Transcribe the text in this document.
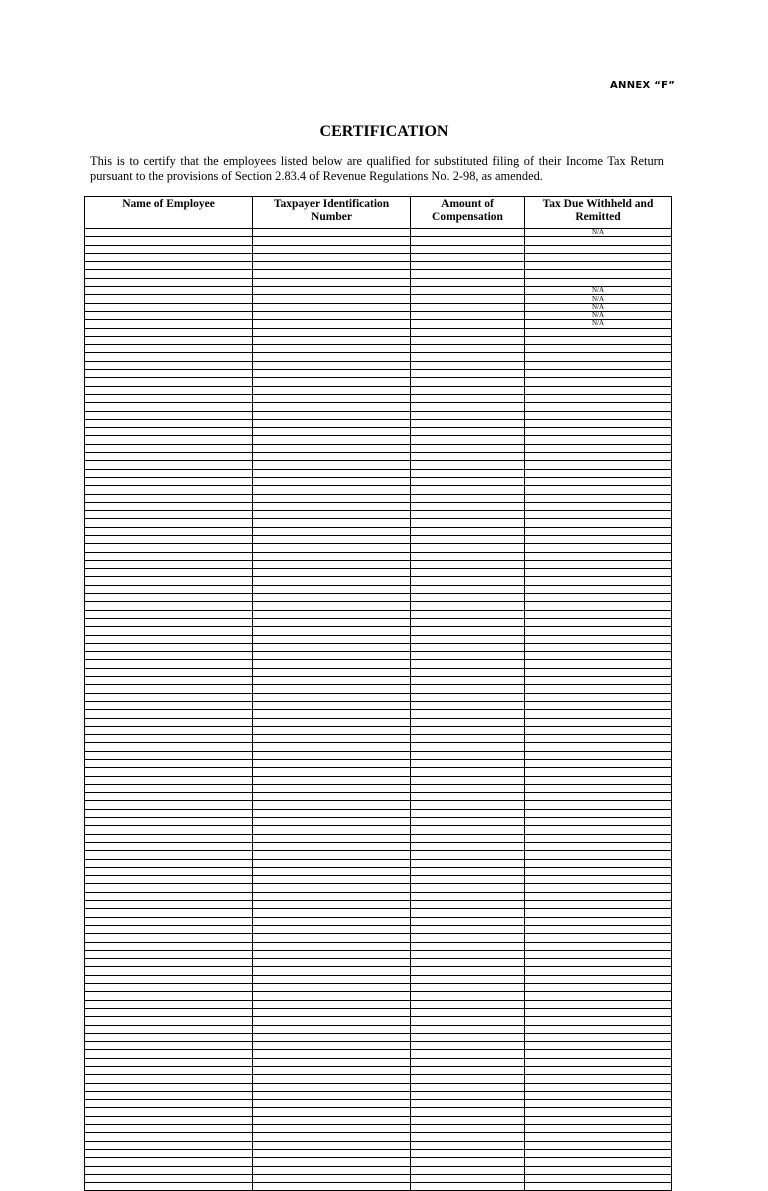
ANNEX “F”
CERTIFICATION

This is to certify that the employees listed below are qualified for substituted filing of their Income Tax Return pursuant to the provisions of Section 2.83.4 of Revenue Regulations No. 2-98, as amended.

Name of Employee	Taxpayer Identification Number	Amount of Compensation	Tax Due Withheld and Remitted
			N/A

			N/A
			N/A
			N/A
			N/A
			N/A
